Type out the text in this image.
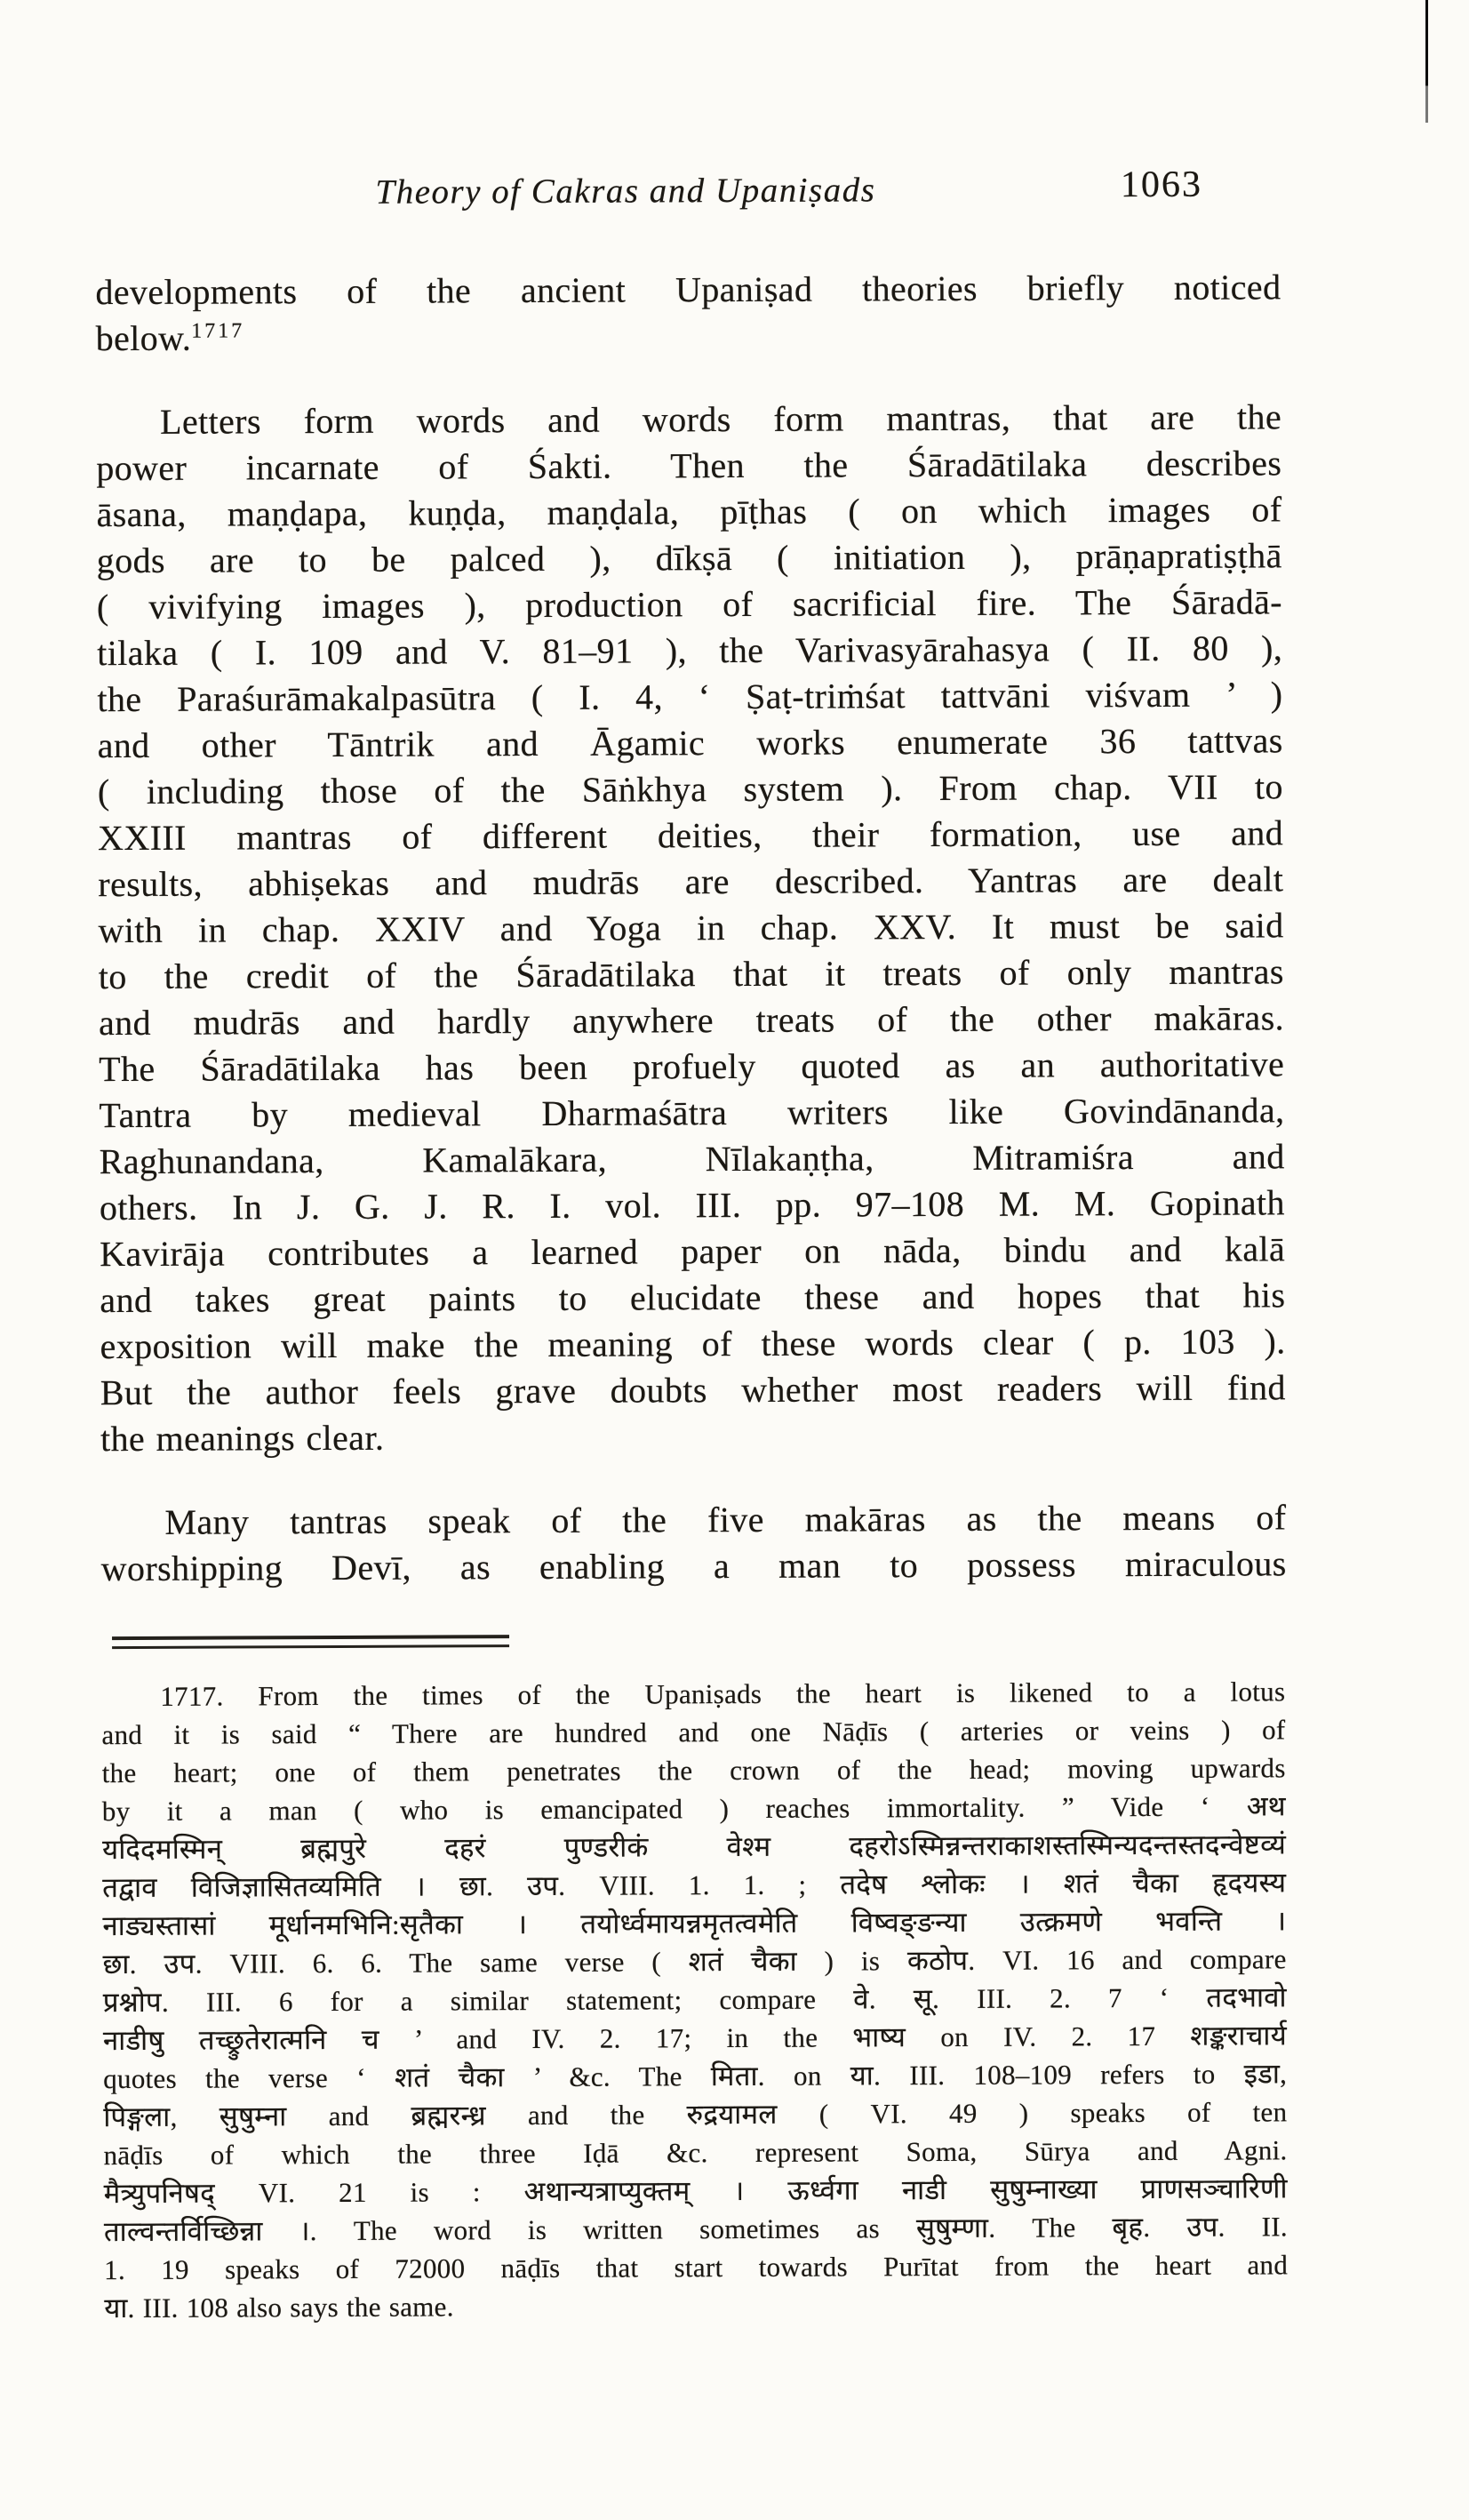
Theory of Cakras and Upaniṣads	1063
developments of the ancient Upaniṣad theories briefly noticed
below.$^{1717}$
Letters form words and words form mantras, that are the
power incarnate of Śakti. Then the Śāradātilaka describes
āsana, maṇḍapa, kuṇḍa, maṇḍala, pīṭhas ( on which images of
gods are to be palced ), dīkṣā ( initiation ), prāṇapratiṣṭhā
( vivifying images ), production of sacrificial fire. The Śāradā-
tilaka ( I. 109 and V. 81–91 ), the Varivasyārahasya ( II. 80 ),
the Paraśurāmakalpasūtra ( I. 4, ‘ Ṣaṭ-triṁśat tattvāni viśvam ’ )
and other Tāntrik and Āgamic works enumerate 36 tattvas
( including those of the Sāṅkhya system ). From chap. VII to
XXIII mantras of different deities, their formation, use and
results, abhiṣekas and mudrās are described. Yantras are dealt
with in chap. XXIV and Yoga in chap. XXV. It must be said
to the credit of the Śāradātilaka that it treats of only mantras
and mudrās and hardly anywhere treats of the other makāras.
The Śāradātilaka has been profuely quoted as an authoritative
Tantra by medieval Dharmaśātra writers like Govindānanda,
Raghunandana, Kamalākara, Nīlakaṇṭha, Mitramiśra and
others. In J. G. J. R. I. vol. III. pp. 97–108 M. M. Gopinath
Kavirāja contributes a learned paper on nāda, bindu and kalā
and takes great paints to elucidate these and hopes that his
exposition will make the meaning of these words clear ( p. 103 ).
But the author feels grave doubts whether most readers will find
the meanings clear.
Many tantras speak of the five makāras as the means of
worshipping Devī, as enabling a man to possess miraculous
1717. From the times of the Upaniṣads the heart is likened to a lotus
and it is said “ There are hundred and one Nāḍīs ( arteries or veins ) of
the heart; one of them penetrates the crown of the head; moving upwards
by it a man ( who is emancipated ) reaches immortality. ” Vide ‘ अथ
यदिदमस्मिन् ब्रह्मपुरे दहरं पुण्डरीकं वेश्म दहरोऽस्मिन्नन्तराकाशस्तस्मिन्यदन्तस्तदन्वेष्टव्यं
तद्वाव विजिज्ञासितव्यमिति । छा. उप. VIII. 1. 1. ; तदेष श्लोकः । शतं चैका हृदयस्य
नाड्यस्तासां मूर्धानमभिनि:सृतैका । तयोर्ध्वमायन्नमृतत्वमेति विष्वङ्ङन्या उत्क्रमणे भवन्ति ।
छा. उप. VIII. 6. 6. The same verse ( शतं चैका ) is कठोप. VI. 16 and compare
प्रश्नोप. III. 6 for a similar statement; compare वे. सू. III. 2. 7 ‘ तदभावो
नाडीषु तच्छ्रुतेरात्मनि च ’ and IV. 2. 17; in the भाष्य on IV. 2. 17 शङ्कराचार्य
quotes the verse ‘ शतं चैका ’ &c. The मिता. on या. III. 108–109 refers to इडा,
पिङ्गला, सुषुम्ना and ब्रह्मरन्ध्र and the रुद्रयामल ( VI. 49 ) speaks of ten
nāḍīs of which the three Iḍā &c. represent Soma, Sūrya and Agni.
मैत्र्युपनिषद् VI. 21 is : अथान्यत्राप्युक्तम् । ऊर्ध्वगा नाडी सुषुम्नाख्या प्राणसञ्चारिणी
ताल्वन्तर्विच्छिन्ना ।. The word is written sometimes as सुषुम्णा. The बृह. उप. II.
1. 19 speaks of 72000 nāḍīs that start towards Purītat from the heart and
या. III. 108 also says the same.
